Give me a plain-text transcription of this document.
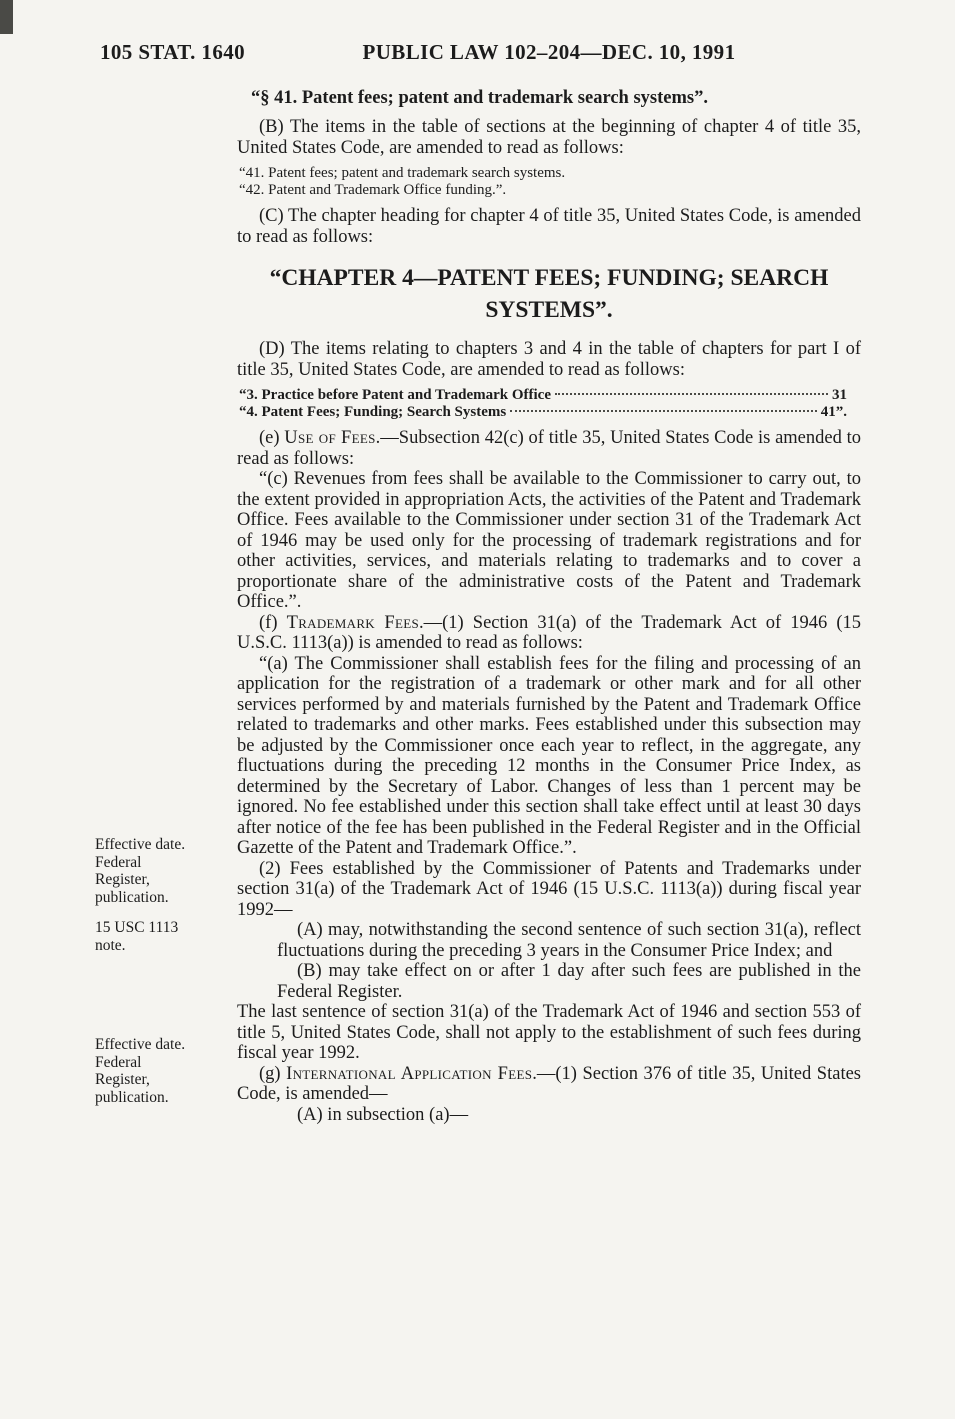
105 STAT. 1640	PUBLIC LAW 102–204—DEC. 10, 1991
Effective date.
Federal
Register,
publication.
15 USC 1113
note.
Effective date.
Federal
Register,
publication.

“§ 41. Patent fees; patent and trademark search systems”.

(B) The items in the table of sections at the beginning of chapter 4 of title 35, United States Code, are amended to read as follows:

“41. Patent fees; patent and trademark search systems.
“42. Patent and Trademark Office funding.”.

(C) The chapter heading for chapter 4 of title 35, United States Code, is amended to read as follows:

“CHAPTER 4—PATENT FEES; FUNDING; SEARCH SYSTEMS”.

(D) The items relating to chapters 3 and 4 in the table of chapters for part I of title 35, United States Code, are amended to read as follows:

“3. Practice before Patent and Trademark Office	31
“4. Patent Fees; Funding; Search Systems	41”.

(e) Use of Fees.—Subsection 42(c) of title 35, United States Code is amended to read as follows:

“(c) Revenues from fees shall be available to the Commissioner to carry out, to the extent provided in appropriation Acts, the activities of the Patent and Trademark Office. Fees available to the Commissioner under section 31 of the Trademark Act of 1946 may be used only for the processing of trademark registrations and for other activities, services, and materials relating to trademarks and to cover a proportionate share of the administrative costs of the Patent and Trademark Office.”.

(f) Trademark Fees.—(1) Section 31(a) of the Trademark Act of 1946 (15 U.S.C. 1113(a)) is amended to read as follows:

“(a) The Commissioner shall establish fees for the filing and processing of an application for the registration of a trademark or other mark and for all other services performed by and materials furnished by the Patent and Trademark Office related to trademarks and other marks. Fees established under this subsection may be adjusted by the Commissioner once each year to reflect, in the aggregate, any fluctuations during the preceding 12 months in the Consumer Price Index, as determined by the Secretary of Labor. Changes of less than 1 percent may be ignored. No fee established under this section shall take effect until at least 30 days after notice of the fee has been published in the Federal Register and in the Official Gazette of the Patent and Trademark Office.”.

(2) Fees established by the Commissioner of Patents and Trademarks under section 31(a) of the Trademark Act of 1946 (15 U.S.C. 1113(a)) during fiscal year 1992—

(A) may, notwithstanding the second sentence of such section 31(a), reflect fluctuations during the preceding 3 years in the Consumer Price Index; and

(B) may take effect on or after 1 day after such fees are published in the Federal Register.

The last sentence of section 31(a) of the Trademark Act of 1946 and section 553 of title 5, United States Code, shall not apply to the establishment of such fees during fiscal year 1992.

(g) International Application Fees.—(1) Section 376 of title 35, United States Code, is amended—

(A) in subsection (a)—
